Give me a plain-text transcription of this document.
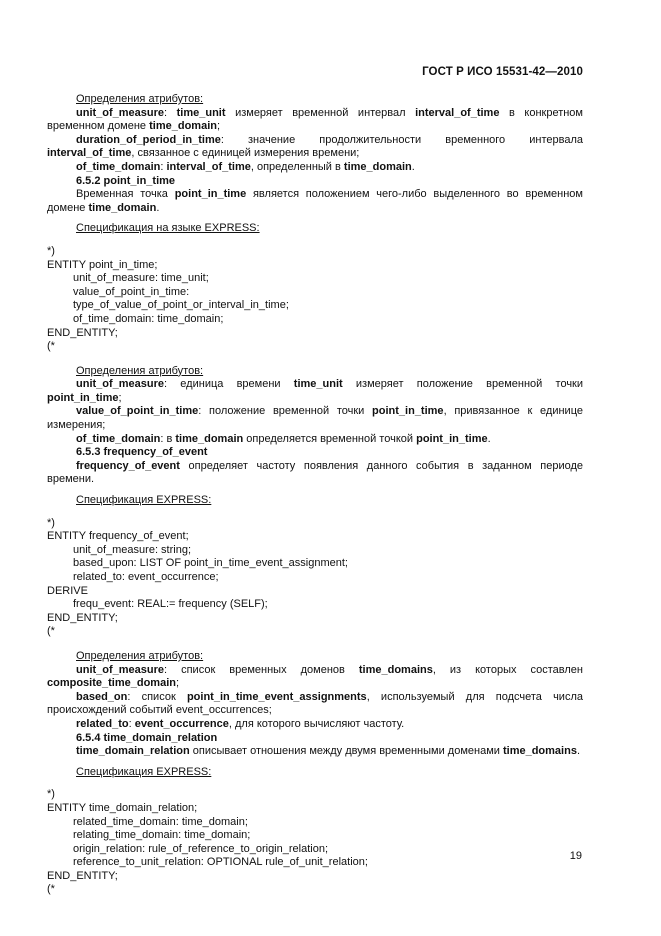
ГОСТ Р ИСО 15531-42—2010

Определения атрибутов:

unit_of_measure: time_unit измеряет временной интервал interval_of_time в конкретном временном домене time_domain;

duration_of_period_in_time: значение продолжительности временного интервала

interval_of_time, связанное с единицей измерения времени;

of_time_domain: interval_of_time, определенный в time_domain.

6.5.2 point_in_time

Временная точка point_in_time является положением чего-либо выделенного во временном домене time_domain.

Спецификация на языке EXPRESS:

*)

ENTITY point_in_time;

unit_of_measure: time_unit;

value_of_point_in_time:

type_of_value_of_point_or_interval_in_time;

of_time_domain: time_domain;

END_ENTITY;

(*

Определения атрибутов:

unit_of_measure: единица времени time_unit измеряет положение временной точки point_in_time;

value_of_point_in_time: положение временной точки point_in_time, привязанное к единице измерения;

of_time_domain: в time_domain определяется временной точкой point_in_time.

6.5.3 frequency_of_event

frequency_of_event определяет частоту появления данного события в заданном периоде времени.

Спецификация EXPRESS:

*)

ENTITY frequency_of_event;

unit_of_measure: string;

based_upon: LIST OF point_in_time_event_assignment;

related_to: event_occurrence;

DERIVE

frequ_event: REAL:= frequency (SELF);

END_ENTITY;

(*

Определения атрибутов:

unit_of_measure: список временных доменов time_domains, из которых составлен composite_time_domain;

based_on: список point_in_time_event_assignments, используемый для подсчета числа происхождений событий event_occurrences;

related_to: event_occurrence, для которого вычисляют частоту.

6.5.4 time_domain_relation

time_domain_relation описывает отношения между двумя временными доменами time_domains.

Спецификация EXPRESS:

*)

ENTITY time_domain_relation;

related_time_domain: time_domain;

relating_time_domain: time_domain;

origin_relation: rule_of_reference_to_origin_relation;

reference_to_unit_relation: OPTIONAL rule_of_unit_relation;

END_ENTITY;

(*

19
